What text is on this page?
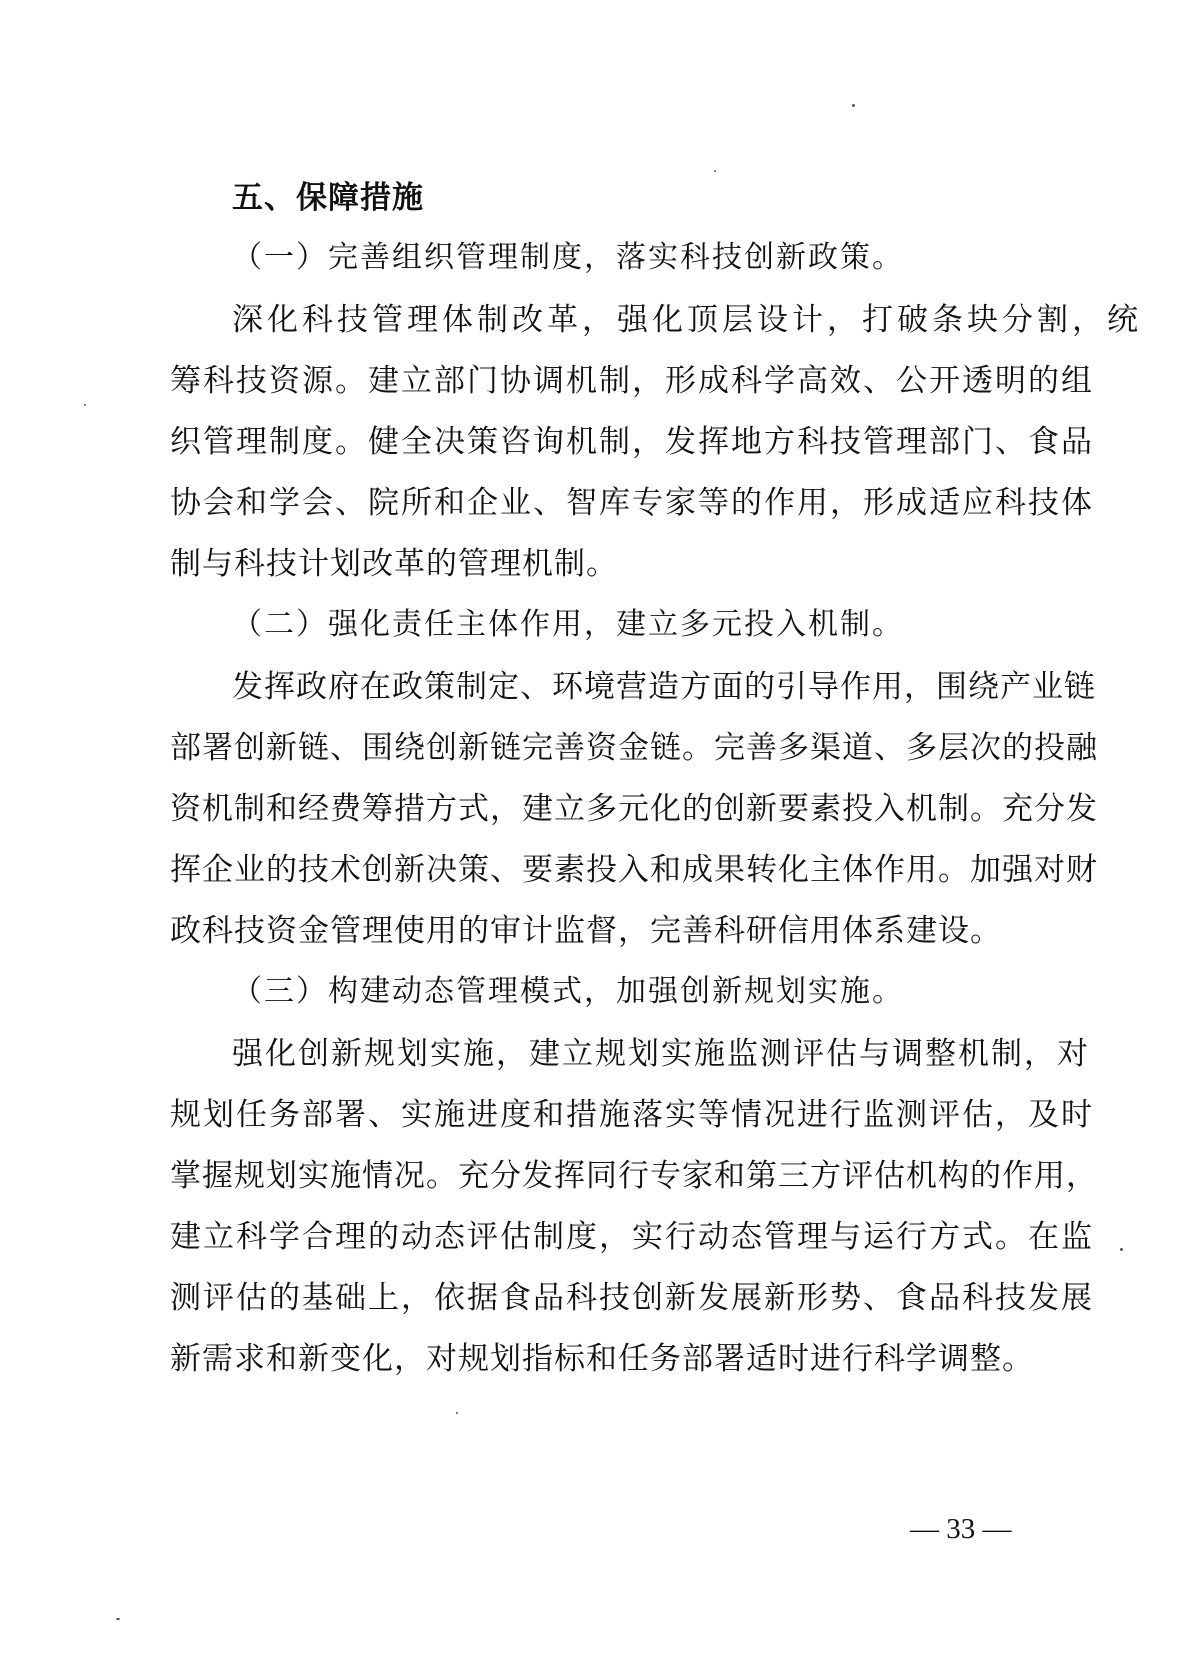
五、保障措施
（一）完善组织管理制度，落实科技创新政策。
深化科技管理体制改革，强化顶层设计，打破条块分割，统
筹科技资源。建立部门协调机制，形成科学高效、公开透明的组
织管理制度。健全决策咨询机制，发挥地方科技管理部门、食品
协会和学会、院所和企业、智库专家等的作用，形成适应科技体
制与科技计划改革的管理机制。
（二）强化责任主体作用，建立多元投入机制。
发挥政府在政策制定、环境营造方面的引导作用，围绕产业链
部署创新链、围绕创新链完善资金链。完善多渠道、多层次的投融
资机制和经费筹措方式，建立多元化的创新要素投入机制。充分发
挥企业的技术创新决策、要素投入和成果转化主体作用。加强对财
政科技资金管理使用的审计监督，完善科研信用体系建设。
（三）构建动态管理模式，加强创新规划实施。
强化创新规划实施，建立规划实施监测评估与调整机制，对
规划任务部署、实施进度和措施落实等情况进行监测评估，及时
掌握规划实施情况。充分发挥同行专家和第三方评估机构的作用，
建立科学合理的动态评估制度，实行动态管理与运行方式。在监
测评估的基础上，依据食品科技创新发展新形势、食品科技发展
新需求和新变化，对规划指标和任务部署适时进行科学调整。
— 33 —
